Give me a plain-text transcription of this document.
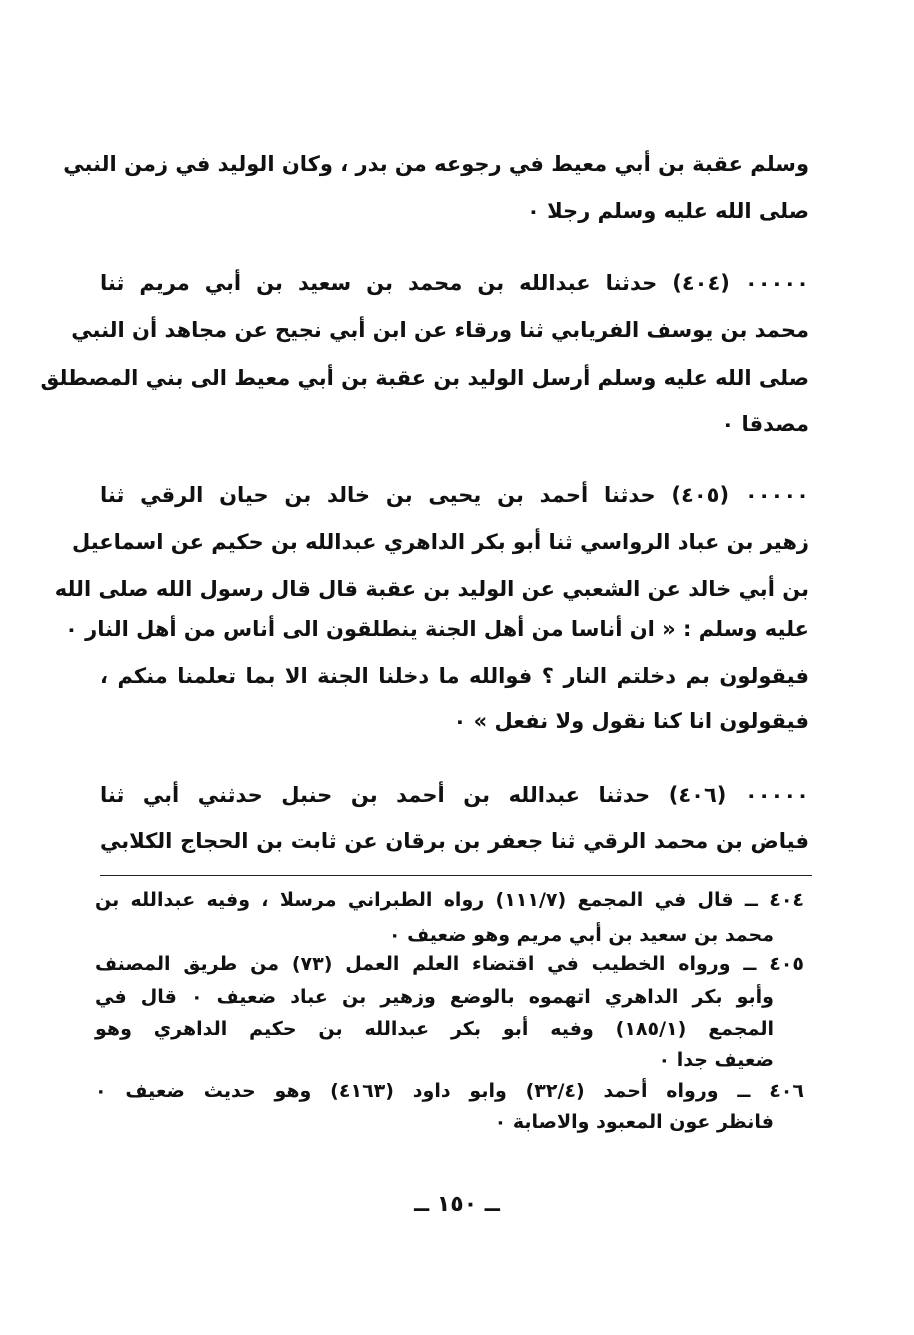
وسلم عقبة بن أبي معيط في رجوعه من بدر ، وكان الوليد في زمن النبي
صلى الله عليه وسلم رجلا ٠
٠٠٠٠٠ (٤٠٤) حدثنا عبدالله بن محمد بن سعيد بن أبي مريم ثنا
محمد بن يوسف الفريابي ثنا ورقاء عن ابن أبي نجيح عن مجاهد أن النبي
صلى الله عليه وسلم أرسل الوليد بن عقبة بن أبي معيط الى بني المصطلق
مصدقا ٠
٠٠٠٠٠ (٤٠٥) حدثنا أحمد بن يحيى بن خالد بن حيان الرقي ثنا
زهير بن عباد الرواسي ثنا أبو بكر الداهري عبدالله بن حكيم عن اسماعيل
بن أبي خالد عن الشعبي عن الوليد بن عقبة قال قال رسول الله صلى الله
عليه وسلم : « ان أناسا من أهل الجنة ينطلقون الى أناس من أهل النار ٠
فيقولون بم دخلتم النار ؟ فوالله ما دخلنا الجنة الا بما تعلمنا منكم ،
فيقولون انا كنا نقول ولا نفعل » ٠
٠٠٠٠٠ (٤٠٦) حدثنا عبدالله بن أحمد بن حنبل حدثني أبي ثنا
فياض بن محمد الرقي ثنا جعفر بن برقان عن ثابت بن الحجاج الكلابي
٤٠٤ ــ قال في المجمع (١١١/٧) رواه الطبراني مرسلا ، وفيه عبدالله بن
محمد بن سعيد بن أبي مريم وهو ضعيف ٠
٤٠٥ ــ ورواه الخطيب في اقتضاء العلم العمل (٧٣) من طريق المصنف
وأبو بكر الداهري اتهموه بالوضع وزهير بن عباد ضعيف ٠ قال في
المجمع (١٨٥/١) وفيه أبو بكر عبدالله بن حكيم الداهري وهو
ضعيف جدا ٠
٤٠٦ ــ ورواه أحمد (٣٢/٤) وابو داود (٤١٦٣) وهو حديث ضعيف ٠
فانظر عون المعبود والاصابة ٠
ــ ١٥٠ ــ
